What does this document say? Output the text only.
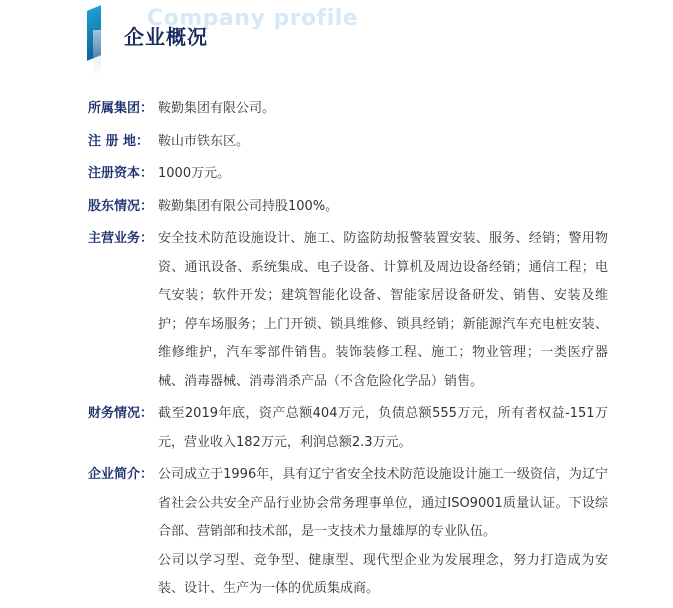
Company profile
企业概况
所属集团： 鞍勤集团有限公司。
注 册 地： 鞍山市铁东区。
注册资本： 1000万元。
股东情况： 鞍勤集团有限公司持股100%。
主营业务： 安全技术防范设施设计、施工、防盗防劫报警装置安装、服务、经销；警用物资、通讯设备、系统集成、电子设备、计算机及周边设备经销；通信工程；电气安装；软件开发；建筑智能化设备、智能家居设备研发、销售、安装及维护；停车场服务；上门开锁、锁具维修、锁具经销；新能源汽车充电桩安装、维修维护，汽车零部件销售。装饰装修工程、施工；物业管理；一类医疗器械、消毒器械、消毒消杀产品（不含危险化学品）销售。
财务情况： 截至2019年底，资产总额404万元，负债总额555万元，所有者权益-151万元，营业收入182万元，利润总额2.3万元。
企业简介： 公司成立于1996年，具有辽宁省安全技术防范设施设计施工一级资信，为辽宁省社会公共安全产品行业协会常务理事单位，通过ISO9001质量认证。下设综合部、营销部和技术部，是一支技术力量雄厚的专业队伍。

公司以学习型、竞争型、健康型、现代型企业为发展理念，努力打造成为安装、设计、生产为一体的优质集成商。
